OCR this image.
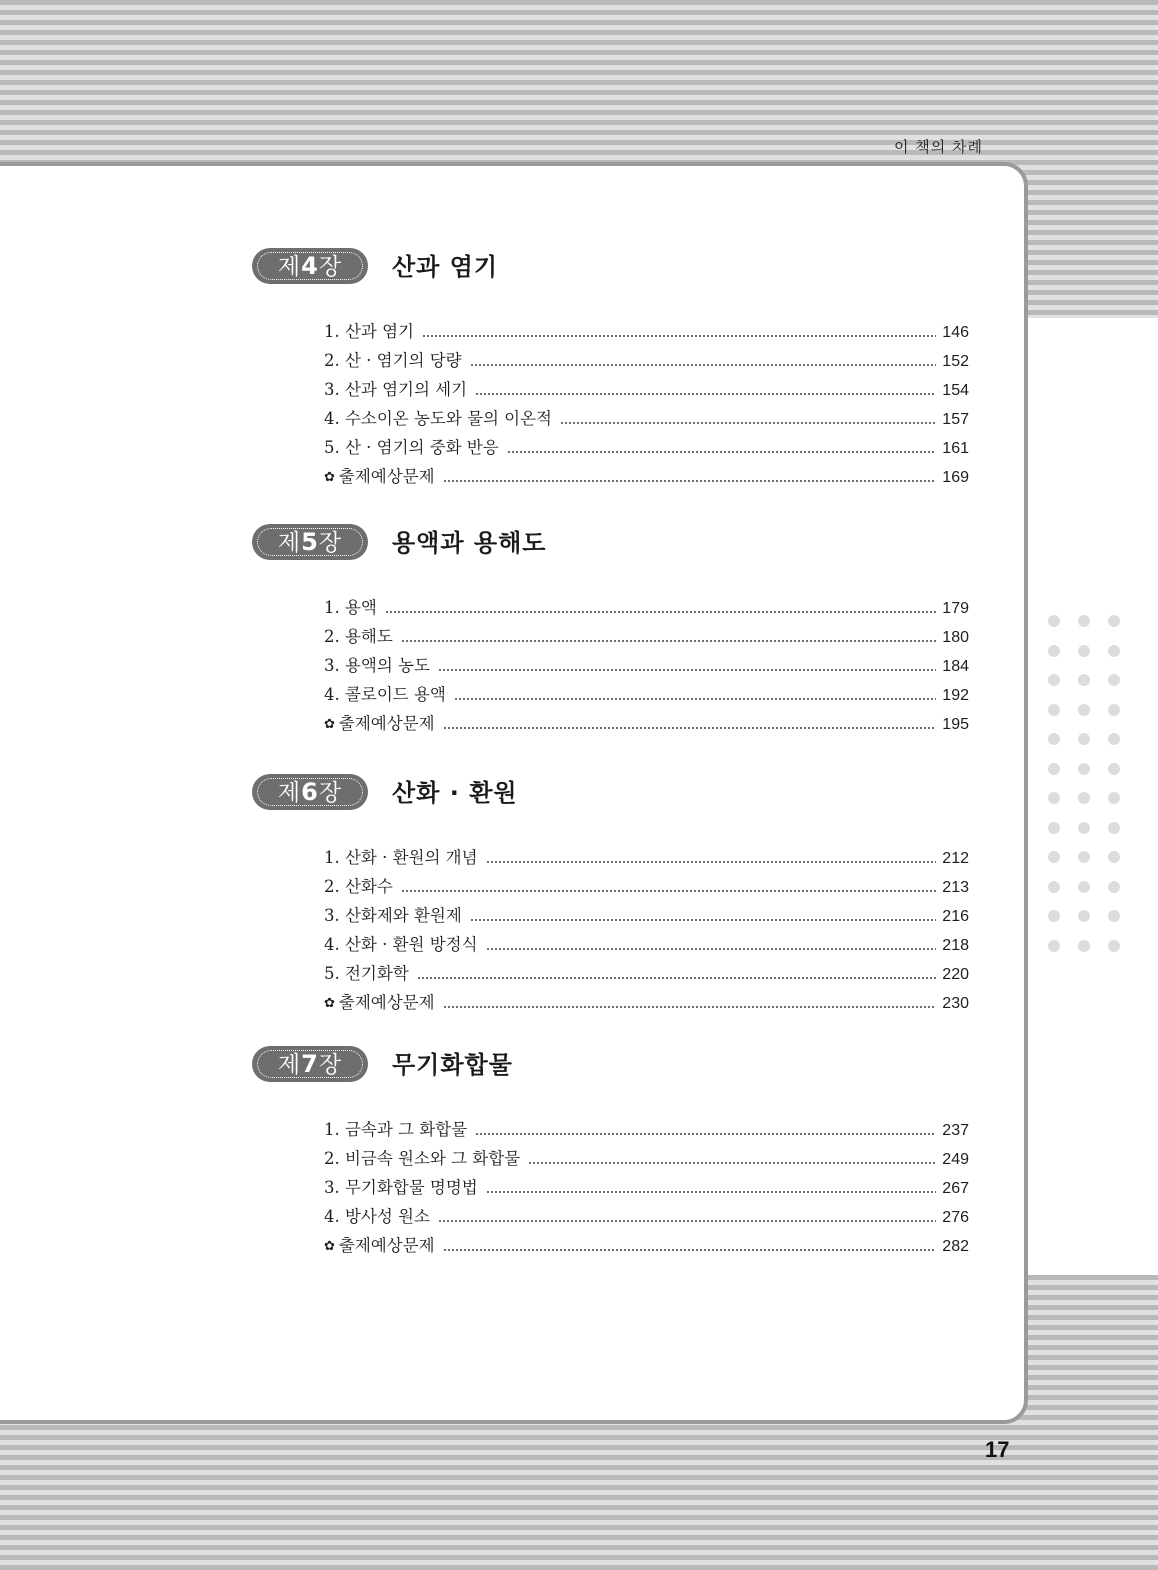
이 책의 차례
제4장	산과 염기
1. 산과 염기	146
2. 산 · 염기의 당량	152
3. 산과 염기의 세기	154
4. 수소이온 농도와 물의 이온적	157
5. 산 · 염기의 중화 반응	161
✿ 출제예상문제	169
제5장	용액과 용해도
1. 용액	179
2. 용해도	180
3. 용액의 농도	184
4. 콜로이드 용액	192
✿ 출제예상문제	195
제6장	산화 · 환원
1. 산화 · 환원의 개념	212
2. 산화수	213
3. 산화제와 환원제	216
4. 산화 · 환원 방정식	218
5. 전기화학	220
✿ 출제예상문제	230
제7장	무기화합물
1. 금속과 그 화합물	237
2. 비금속 원소와 그 화합물	249
3. 무기화합물 명명법	267
4. 방사성 원소	276
✿ 출제예상문제	282
17
